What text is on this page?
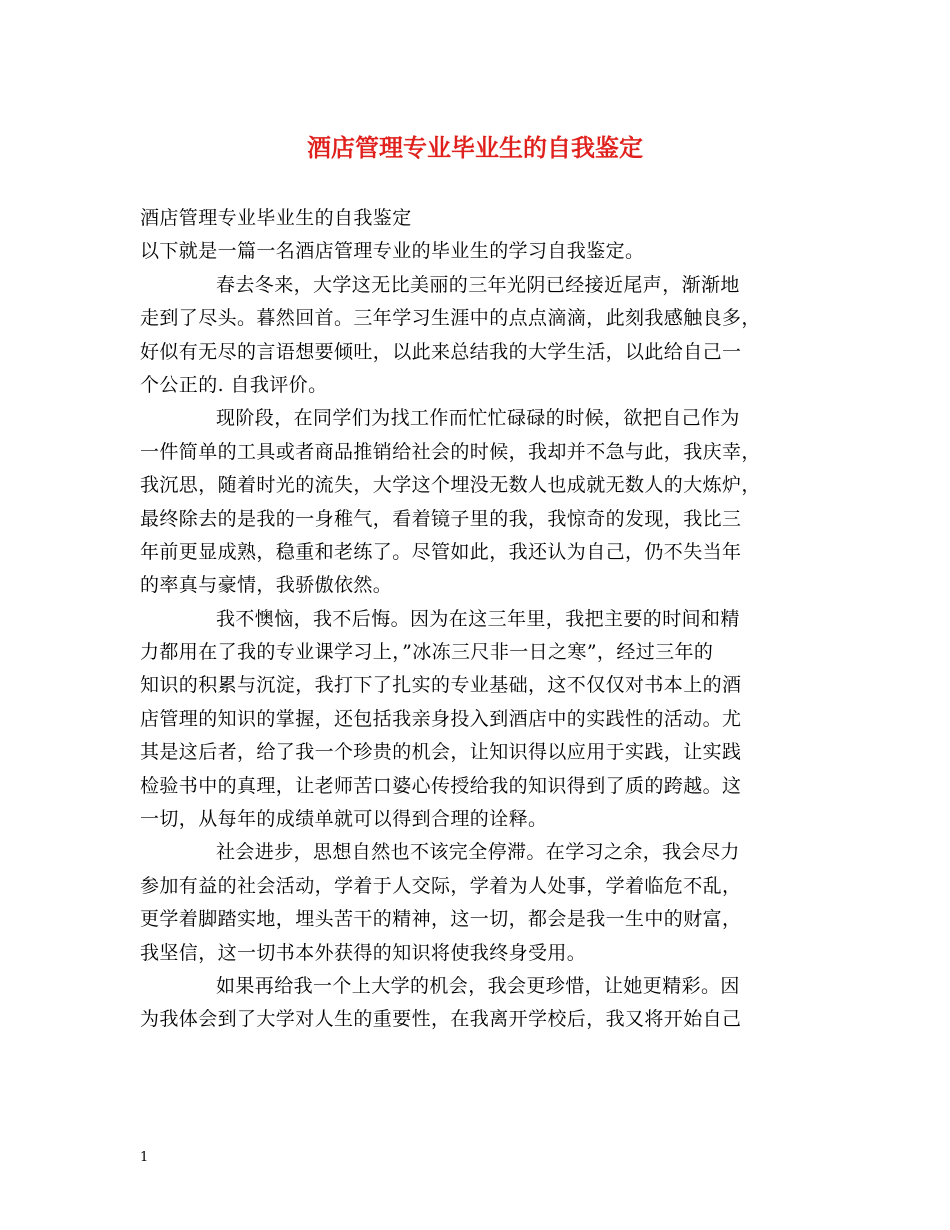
酒店管理专业毕业生的自我鉴定
酒店管理专业毕业生的自我鉴定
以下就是一篇一名酒店管理专业的毕业生的学习自我鉴定。
春去冬来，大学这无比美丽的三年光阴已经接近尾声，渐渐地
走到了尽头。暮然回首。三年学习生涯中的点点滴滴，此刻我感触良多，
好似有无尽的言语想要倾吐，以此来总结我的大学生活，以此给自己一
个公正的. 自我评价。
现阶段，在同学们为找工作而忙忙碌碌的时候，欲把自己作为
一件简单的工具或者商品推销给社会的时候，我却并不急与此，我庆幸，
我沉思，随着时光的流失，大学这个埋没无数人也成就无数人的大炼炉，
最终除去的是我的一身稚气，看着镜子里的我，我惊奇的发现，我比三
年前更显成熟，稳重和老练了。尽管如此，我还认为自己，仍不失当年
的率真与豪情，我骄傲依然。
我不懊恼，我不后悔。因为在这三年里，我把主要的时间和精
力都用在了我的专业课学习上，”冰冻三尺非一日之寒”，经过三年的
知识的积累与沉淀，我打下了扎实的专业基础，这不仅仅对书本上的酒
店管理的知识的掌握，还包括我亲身投入到酒店中的实践性的活动。尤
其是这后者，给了我一个珍贵的机会，让知识得以应用于实践，让实践
检验书中的真理，让老师苦口婆心传授给我的知识得到了质的跨越。这
一切，从每年的成绩单就可以得到合理的诠释。
社会进步，思想自然也不该完全停滞。在学习之余，我会尽力
参加有益的社会活动，学着于人交际，学着为人处事，学着临危不乱，
更学着脚踏实地，埋头苦干的精神，这一切，都会是我一生中的财富，
我坚信，这一切书本外获得的知识将使我终身受用。
如果再给我一个上大学的机会，我会更珍惜，让她更精彩。因
为我体会到了大学对人生的重要性，在我离开学校后，我又将开始自己
1
